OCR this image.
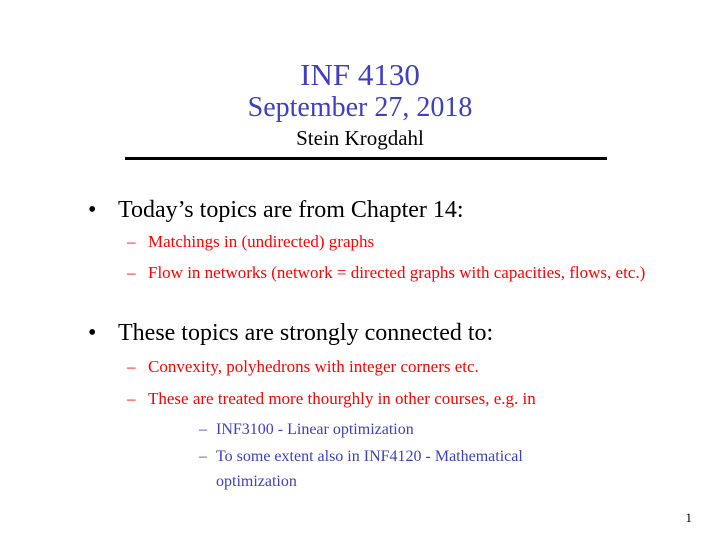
INF 4130
September 27, 2018
Stein Krogdahl
• Today’s topics are from Chapter 14:
– Matchings in (undirected) graphs
– Flow in networks (network = directed graphs with capacities, flows, etc.)
• These topics are strongly connected to:
– Convexity, polyhedrons with integer corners etc.
– These are treated more thourghly in other courses, e.g. in
– INF3100 - Linear optimization
– To some extent also in INF4120 - Mathematical optimization
1
